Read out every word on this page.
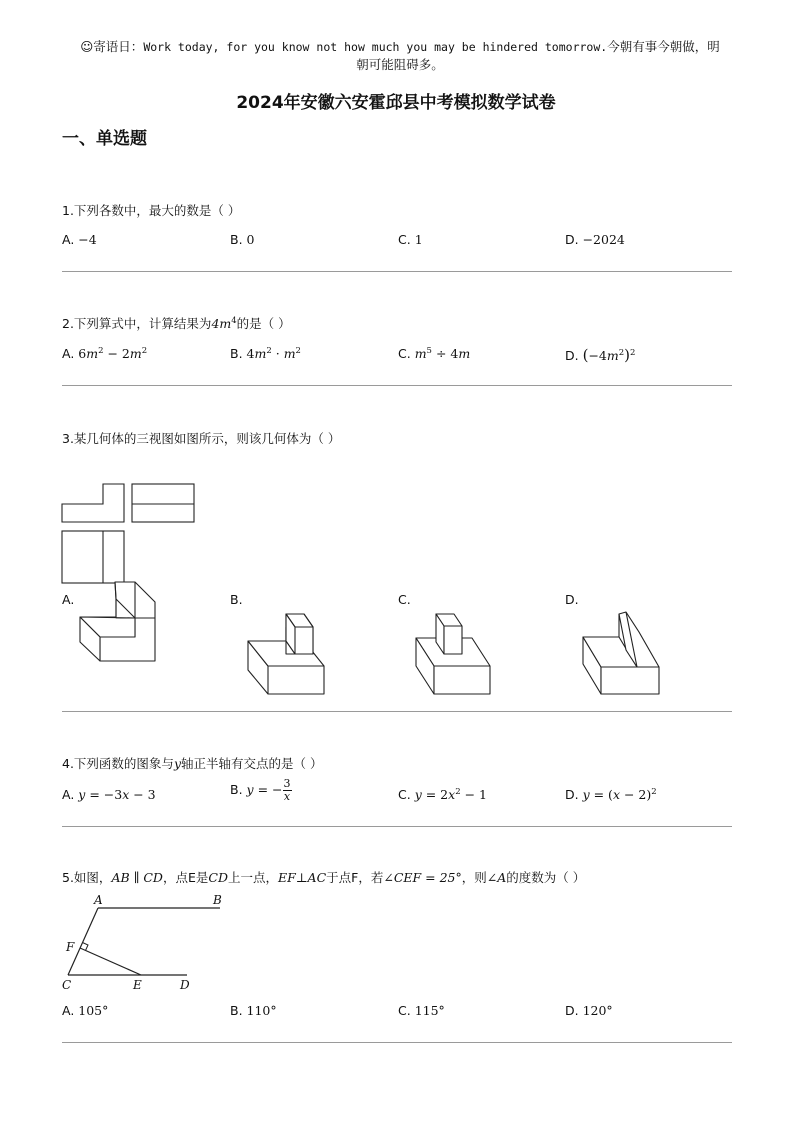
☺寄语日：Work today, for you know not how much you may be hindered tomorrow.今朝有事今朝做，明
朝可能阻碍多。
2024年安徽六安霍邱县中考模拟数学试卷
一、单选题
1.下列各数中，最大的数是（ ）
A. −4	B. 0	C. 1	D. −2024
2.下列算式中，计算结果为$4m^4$的是（ ）
A. $6m^2 - 2m^2$	B. $4m^2 \cdot m^2$	C. $m^5 \div 4m$	D. $(-4m^2)^2$
3.某几何体的三视图如图所示，则该几何体为（ ）
A.	B.	C.	D.
4.下列函数的图象与y轴正半轴有交点的是（ ）
A. y = −3x − 3	B. y = − $\frac{3}{x}$	C. $y = 2x^2 - 1$	D. $y = (x - 2)^2$
5.如图，AB ∥ CD，点E是CD上一点，EF⊥AC于点F，若∠CEF = 25°，则∠A的度数为（ ）
A	B
F
C	E	D
A. 105°	B. 110°	C. 115°	D. 120°
